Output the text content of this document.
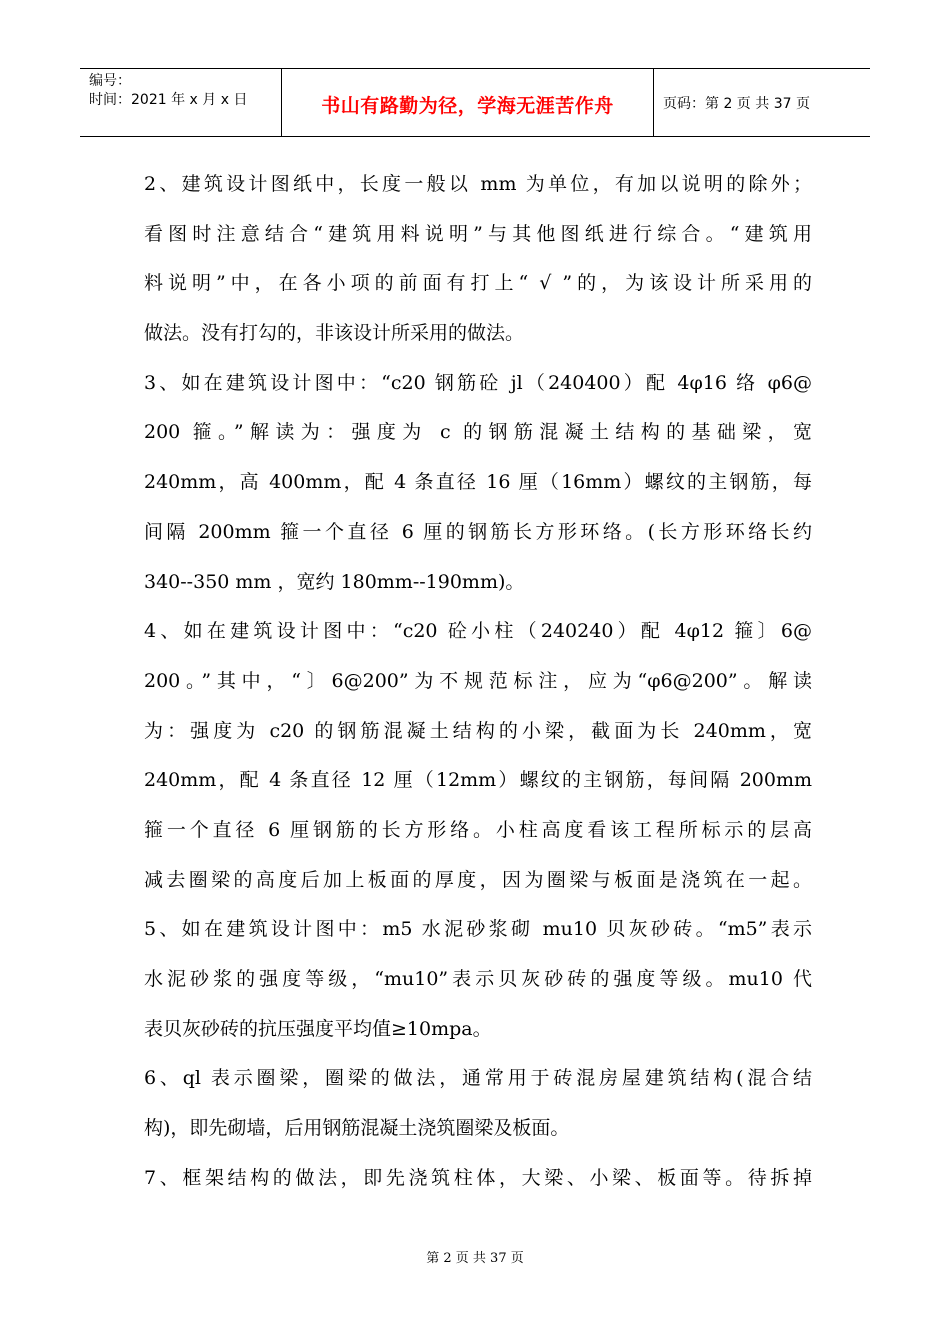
编号：
时间：2021 年 x 月 x 日	书山有路勤为径，学海无涯苦作舟	页码：第 2 页 共 37 页
2、建筑设计图纸中，长度一般以 mm 为单位，有加以说明的除外；
看图时注意结合“建筑用料说明”与其他图纸进行综合。“建筑用
料说明”中，在各小项的前面有打上“ √ ”的，为该设计所采用的
做法。没有打勾的，非该设计所采用的做法。
3、如在建筑设计图中：“c20 钢筋砼 jl（240400）配 4φ16 络 φ6@
200 箍。”解读为：强度为 c 的钢筋混凝土结构的基础梁，宽
240mm，高 400mm，配 4 条直径 16 厘（16mm）螺纹的主钢筋，每
间隔 200mm 箍一个直径 6 厘的钢筋长方形环络。(长方形环络长约
340--350 mm ，宽约 180mm--190mm)。
4、如在建筑设计图中：“c20 砼小柱（240240）配 4φ12 箍〕6@
200。”其中，“〕6@200”为不规范标注，应为“φ6@200”。解读
为：强度为 c20 的钢筋混凝土结构的小梁，截面为长 240mm，宽
240mm，配 4 条直径 12 厘（12mm）螺纹的主钢筋，每间隔 200mm
箍一个直径 6 厘钢筋的长方形络。小柱高度看该工程所标示的层高
减去圈梁的高度后加上板面的厚度，因为圈梁与板面是浇筑在一起。
5、如在建筑设计图中：m5 水泥砂浆砌 mu10 贝灰砂砖。“m5”表示
水泥砂浆的强度等级，“mu10”表示贝灰砂砖的强度等级。mu10 代
表贝灰砂砖的抗压强度平均值≥10mpa。
6、ql 表示圈梁，圈梁的做法，通常用于砖混房屋建筑结构(混合结
构)，即先砌墙，后用钢筋混凝土浇筑圈梁及板面。
7、框架结构的做法，即先浇筑柱体，大梁、小梁、板面等。待拆掉
第 2 页 共 37 页
